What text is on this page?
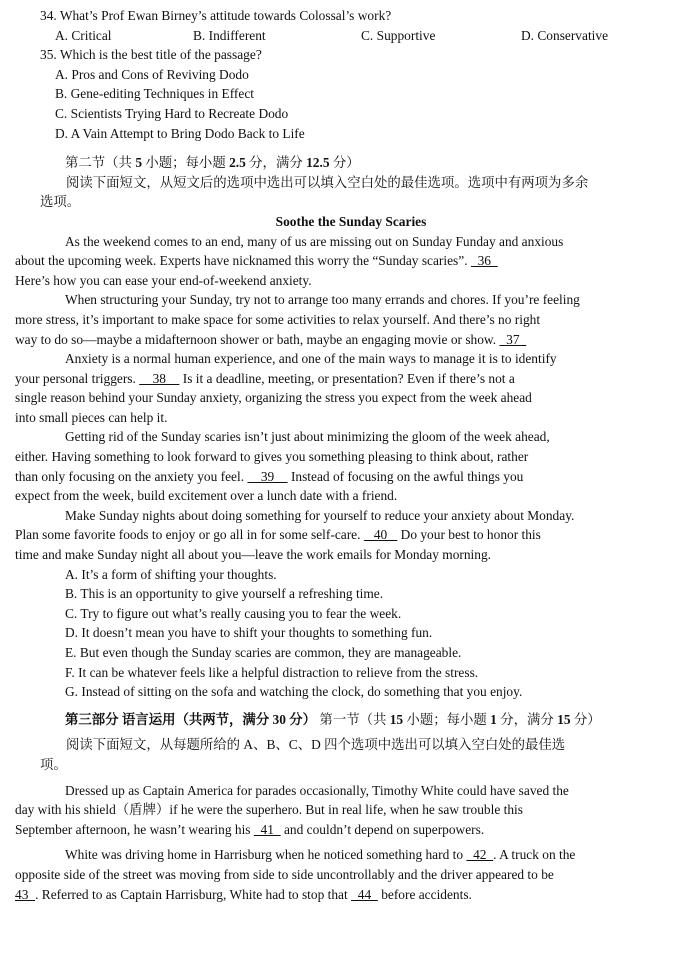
34. What’s Prof Ewan Birney’s attitude towards Colossal’s work?
A. Critical	B. Indifferent	C. Supportive	D. Conservative
35. Which is the best title of the passage?
A. Pros and Cons of Reviving Dodo
B. Gene-editing Techniques in Effect
C. Scientists Trying Hard to Recreate Dodo
D. A Vain Attempt to Bring Dodo Back to Life
第二节（共 5 小题；每小题 2.5 分，满分 12.5 分）
阅读下面短文，从短文后的选项中选出可以填入空白处的最佳选项。选项中有两项为多余
选项。
Soothe the Sunday Scaries
As the weekend comes to an end, many of us are missing out on Sunday Funday and anxious
about the upcoming week. Experts have nicknamed this worry the “Sunday scaries”.   36
Here’s how you can ease your end-of-weekend anxiety.
When structuring your Sunday, try not to arrange too many errands and chores. If you’re feeling
more stress, it’s important to make space for some activities to relax yourself. And there’s no right
way to do so—maybe a midafternoon shower or bath, maybe an engaging movie or show.   37
Anxiety is a normal human experience, and one of the main ways to manage it is to identify
your personal triggers.     38     Is it a deadline, meeting, or presentation? Even if there’s not a
single reason behind your Sunday anxiety, organizing the stress you expect from the week ahead
into small pieces can help it.
Getting rid of the Sunday scaries isn’t just about minimizing the gloom of the week ahead,
either. Having something to look forward to gives you something pleasing to think about, rather
than only focusing on the anxiety you feel.     39     Instead of focusing on the awful things you
expect from the week, build excitement over a lunch date with a friend.
Make Sunday nights about doing something for yourself to reduce your anxiety about Monday.
Plan some favorite foods to enjoy or go all in for some self-care.    40    Do your best to honor this
time and make Sunday night all about you—leave the work emails for Monday morning.
A. It’s a form of shifting your thoughts.
B. This is an opportunity to give yourself a refreshing time.
C. Try to figure out what’s really causing you to fear the week.
D. It doesn’t mean you have to shift your thoughts to something fun.
E. But even though the Sunday scaries are common, they are manageable.
F. It can be whatever feels like a helpful distraction to relieve from the stress.
G. Instead of sitting on the sofa and watching the clock, do something that you enjoy.
第三部分 语言运用（共两节，满分 30 分） 第一节（共 15 小题；每小题 1 分，满分 15 分）
阅读下面短文，从每题所给的 A、B、C、D 四个选项中选出可以填入空白处的最佳选
项。
Dressed up as Captain America for parades occasionally, Timothy White could have saved the
day with his shield（盾牌）if he were the superhero. But in real life, when he saw trouble this
September afternoon, he wasn’t wearing his   41   and couldn’t depend on superpowers.
White was driving home in Harrisburg when he noticed something hard to   42  . A truck on the
opposite side of the street was moving from side to side uncontrollably and the driver appeared to be
43  . Referred to as Captain Harrisburg, White had to stop that   44   before accidents.
